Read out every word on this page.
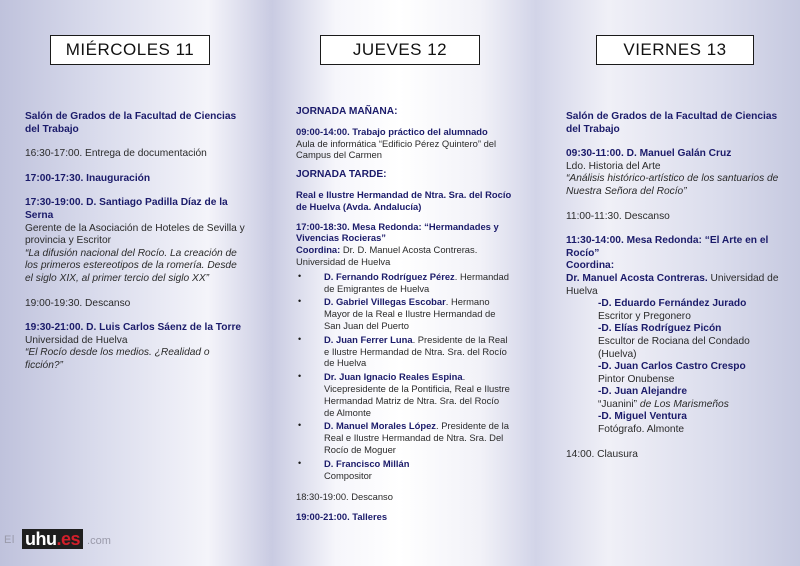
MIÉRCOLES 11	JUEVES 12	VIERNES 13
Salón de Grados de la Facultad de Ciencias del Trabajo
16:30-17:00. Entrega de documentación
17:00-17:30. Inauguración
17:30-19:00. D. Santiago Padilla Díaz de la Serna
Gerente de la Asociación de Hoteles de Sevilla y provincia y Escritor
“La difusión nacional del Rocío. La creación de los primeros estereotipos de la romería. Desde el siglo XIX, al primer tercio del siglo XX”
19:00-19:30. Descanso
19:30-21:00. D. Luis Carlos Sáenz de la Torre
Universidad de Huelva
“El Rocío desde los medios. ¿Realidad o ficción?”
JORNADA MAÑANA:
09:00-14:00. Trabajo práctico del alumnado
Aula de informática “Edificio Pérez Quintero” del Campus del Carmen
JORNADA TARDE:
Real e Ilustre Hermandad de Ntra. Sra. del Rocío de Huelva (Avda. Andalucía)
17:00-18:30. Mesa Redonda: “Hermandades y Vivencias Rocieras”
Coordina: Dr. D. Manuel Acosta Contreras. Universidad de Huelva
•	D. Fernando Rodríguez Pérez. Hermandad de Emigrantes de Huelva
•	D. Gabriel Villegas Escobar. Hermano Mayor de la Real e Ilustre Hermandad de San Juan del Puerto
•	D. Juan Ferrer Luna. Presidente de la Real e Ilustre Hermandad de Ntra. Sra. del Rocío de Huelva
•	Dr. Juan Ignacio Reales Espina. Vicepresidente de la Pontificia, Real e Ilustre Hermandad Matriz de Ntra. Sra. del Rocío de Almonte
•	D. Manuel Morales López. Presidente de la Real e Ilustre Hermandad de Ntra. Sra. Del Rocío de Moguer
•	D. Francisco Millán
Compositor
18:30-19:00. Descanso
19:00-21:00. Talleres
Salón de Grados de la Facultad de Ciencias del Trabajo
09:30-11:00. D. Manuel Galán Cruz
Ldo. Historia del Arte
“Análisis histórico-artístico de los santuarios de Nuestra Señora del Rocío”
11:00-11:30. Descanso
11:30-14:00. Mesa Redonda: “El Arte en el Rocío”
Coordina:
Dr. Manuel Acosta Contreras. Universidad de Huelva
-D. Eduardo Fernández Jurado
Escritor y Pregonero
-D. Elías Rodríguez Picón
Escultor de Rociana del Condado (Huelva)
-D. Juan Carlos Castro Crespo
Pintor Onubense
-D. Juan Alejandre
“Juanini” de Los Marismeños
-D. Miguel Ventura
Fotógrafo. Almonte
14:00. Clausura
El uhu.es .com
